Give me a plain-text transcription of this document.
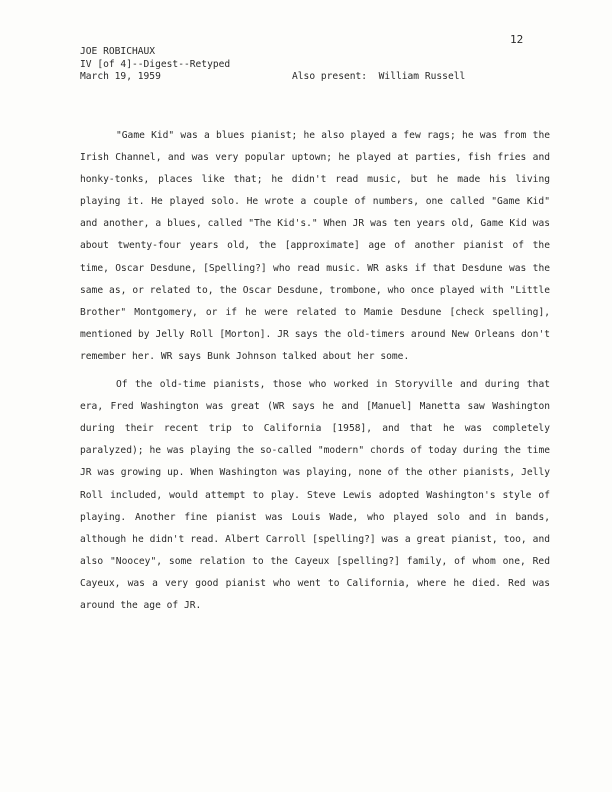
12
JOE ROBICHAUX
IV [of 4]--Digest--Retyped
March 19, 1959	Also present:  William Russell

"Game Kid" was a blues pianist; he also played a few rags; he was from the Irish Channel, and was very popular uptown; he played at parties, fish fries and honky-tonks, places like that; he didn't read music, but he made his living playing it. He played solo. He wrote a couple of numbers, one called "Game Kid" and another, a blues, called "The Kid's." When JR was ten years old, Game Kid was about twenty-four years old, the [approximate] age of another pianist of the time, Oscar Desdune, [Spelling?] who read music. WR asks if that Desdune was the same as, or related to, the Oscar Desdune, trombone, who once played with "Little Brother" Montgomery, or if he were related to Mamie Desdune [check spelling], mentioned by Jelly Roll [Morton]. JR says the old-timers around New Orleans don't remember her. WR says Bunk Johnson talked about her some.

Of the old-time pianists, those who worked in Storyville and during that era, Fred Washington was great (WR says he and [Manuel] Manetta saw Washington during their recent trip to California [1958], and that he was completely paralyzed); he was playing the so-called "modern" chords of today during the time JR was growing up. When Washington was playing, none of the other pianists, Jelly Roll included, would attempt to play. Steve Lewis adopted Washington's style of playing. Another fine pianist was Louis Wade, who played solo and in bands, although he didn't read. Albert Carroll [spelling?] was a great pianist, too, and also "Noocey", some relation to the Cayeux [spelling?] family, of whom one, Red Cayeux, was a very good pianist who went to California, where he died. Red was around the age of JR.
